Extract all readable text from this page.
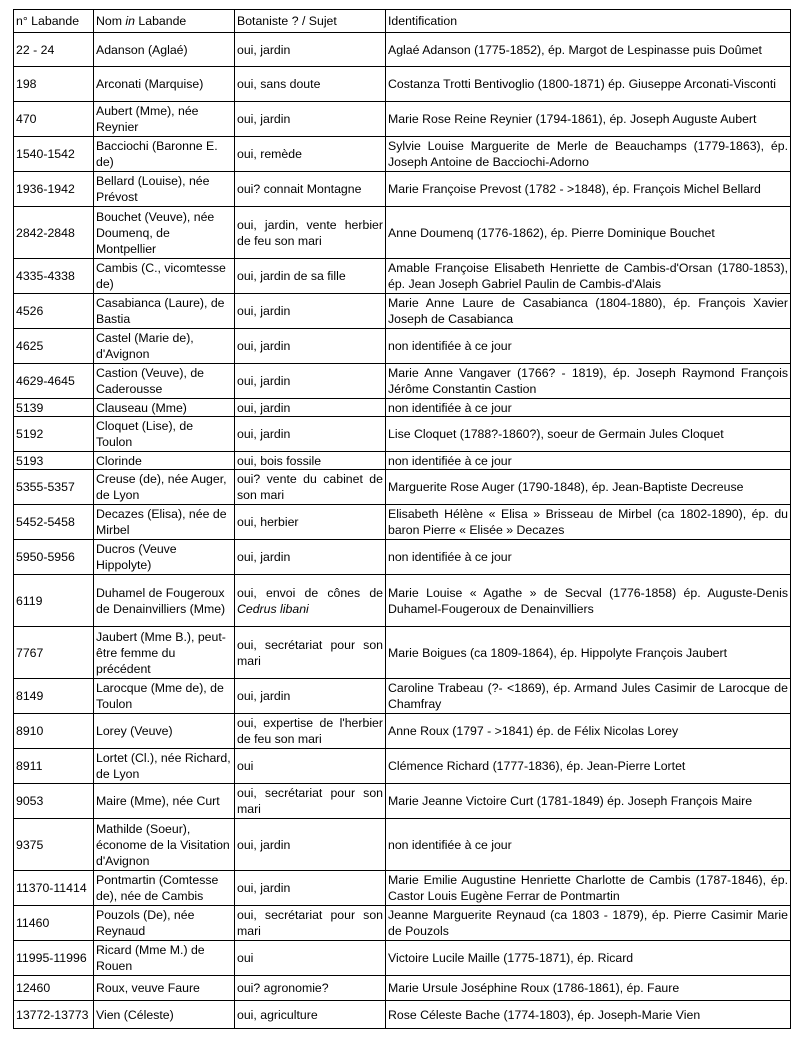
n° Labande	Nom in Labande	Botaniste ? / Sujet	Identification
22 - 24	Adanson (Aglaé)	oui, jardin	Aglaé Adanson (1775-1852), ép. Margot de Lespinasse puis Doûmet
198	Arconati (Marquise)	oui, sans doute	Costanza Trotti Bentivoglio (1800-1871) ép. Giuseppe Arconati-Visconti
470	Aubert (Mme), née Reynier	oui, jardin	Marie Rose Reine Reynier (1794-1861), ép. Joseph Auguste Aubert
1540-1542	Bacciochi (Baronne E. de)	oui, remède	Sylvie Louise Marguerite de Merle de Beauchamps (1779-1863), ép. Joseph Antoine de Bacciochi-Adorno
1936-1942	Bellard (Louise), née Prévost	oui? connait Montagne	Marie Françoise Prevost (1782 - >1848), ép. François Michel Bellard
2842-2848	Bouchet (Veuve), née Doumenq, de Montpellier	oui, jardin, vente herbier de feu son mari	Anne Doumenq (1776-1862), ép. Pierre Dominique Bouchet
4335-4338	Cambis (C., vicomtesse de)	oui, jardin de sa fille	Amable Françoise Elisabeth Henriette de Cambis-d'Orsan (1780-1853), ép. Jean Joseph Gabriel Paulin de Cambis-d'Alais
4526	Casabianca (Laure), de Bastia	oui, jardin	Marie Anne Laure de Casabianca (1804-1880), ép. François Xavier Joseph de Casabianca
4625	Castel (Marie de), d'Avignon	oui, jardin	non identifiée à ce jour
4629-4645	Castion (Veuve), de Caderousse	oui, jardin	Marie Anne Vangaver (1766? - 1819), ép. Joseph Raymond François Jérôme Constantin Castion
5139	Clauseau (Mme)	oui, jardin	non identifiée à ce jour
5192	Cloquet (Lise), de Toulon	oui, jardin	Lise Cloquet (1788?-1860?), soeur de Germain Jules Cloquet
5193	Clorinde	oui, bois fossile	non identifiée à ce jour
5355-5357	Creuse (de), née Auger, de Lyon	oui? vente du cabinet de son mari	Marguerite Rose Auger (1790-1848), ép. Jean-Baptiste Decreuse
5452-5458	Decazes (Elisa), née de Mirbel	oui, herbier	Elisabeth Hélène « Elisa » Brisseau de Mirbel (ca 1802-1890), ép. du baron Pierre « Elisée » Decazes
5950-5956	Ducros (Veuve Hippolyte)	oui, jardin	non identifiée à ce jour
6119	Duhamel de Fougeroux de Denainvilliers (Mme)	oui, envoi de cônes de Cedrus libani	Marie Louise « Agathe » de Secval (1776-1858) ép. Auguste-Denis Duhamel-Fougeroux de Denainvilliers
7767	Jaubert (Mme B.), peut-être femme du précédent	oui, secrétariat pour son mari	Marie Boigues (ca 1809-1864), ép. Hippolyte François Jaubert
8149	Larocque (Mme de), de Toulon	oui, jardin	Caroline Trabeau (?- <1869), ép. Armand Jules Casimir de Larocque de Chamfray
8910	Lorey (Veuve)	oui, expertise de l'herbier de feu son mari	Anne Roux (1797 - >1841) ép. de Félix Nicolas Lorey
8911	Lortet (Cl.), née Richard, de Lyon	oui	Clémence Richard (1777-1836), ép. Jean-Pierre Lortet
9053	Maire (Mme), née Curt	oui, secrétariat pour son mari	Marie Jeanne Victoire Curt (1781-1849) ép. Joseph François Maire
9375	Mathilde (Soeur), économe de la Visitation d'Avignon	oui, jardin	non identifiée à ce jour
11370-11414	Pontmartin (Comtesse de), née de Cambis	oui, jardin	Marie Emilie Augustine Henriette Charlotte de Cambis (1787-1846), ép. Castor Louis Eugène Ferrar de Pontmartin
11460	Pouzols (De), née Reynaud	oui, secrétariat pour son mari	Jeanne Marguerite Reynaud (ca 1803 - 1879), ép. Pierre Casimir Marie de Pouzols
11995-11996	Ricard (Mme M.) de Rouen	oui	Victoire Lucile Maille (1775-1871), ép. Ricard
12460	Roux, veuve Faure	oui? agronomie?	Marie Ursule Joséphine Roux (1786-1861), ép. Faure
13772-13773	Vien (Céleste)	oui, agriculture	Rose Céleste Bache (1774-1803), ép. Joseph-Marie Vien
